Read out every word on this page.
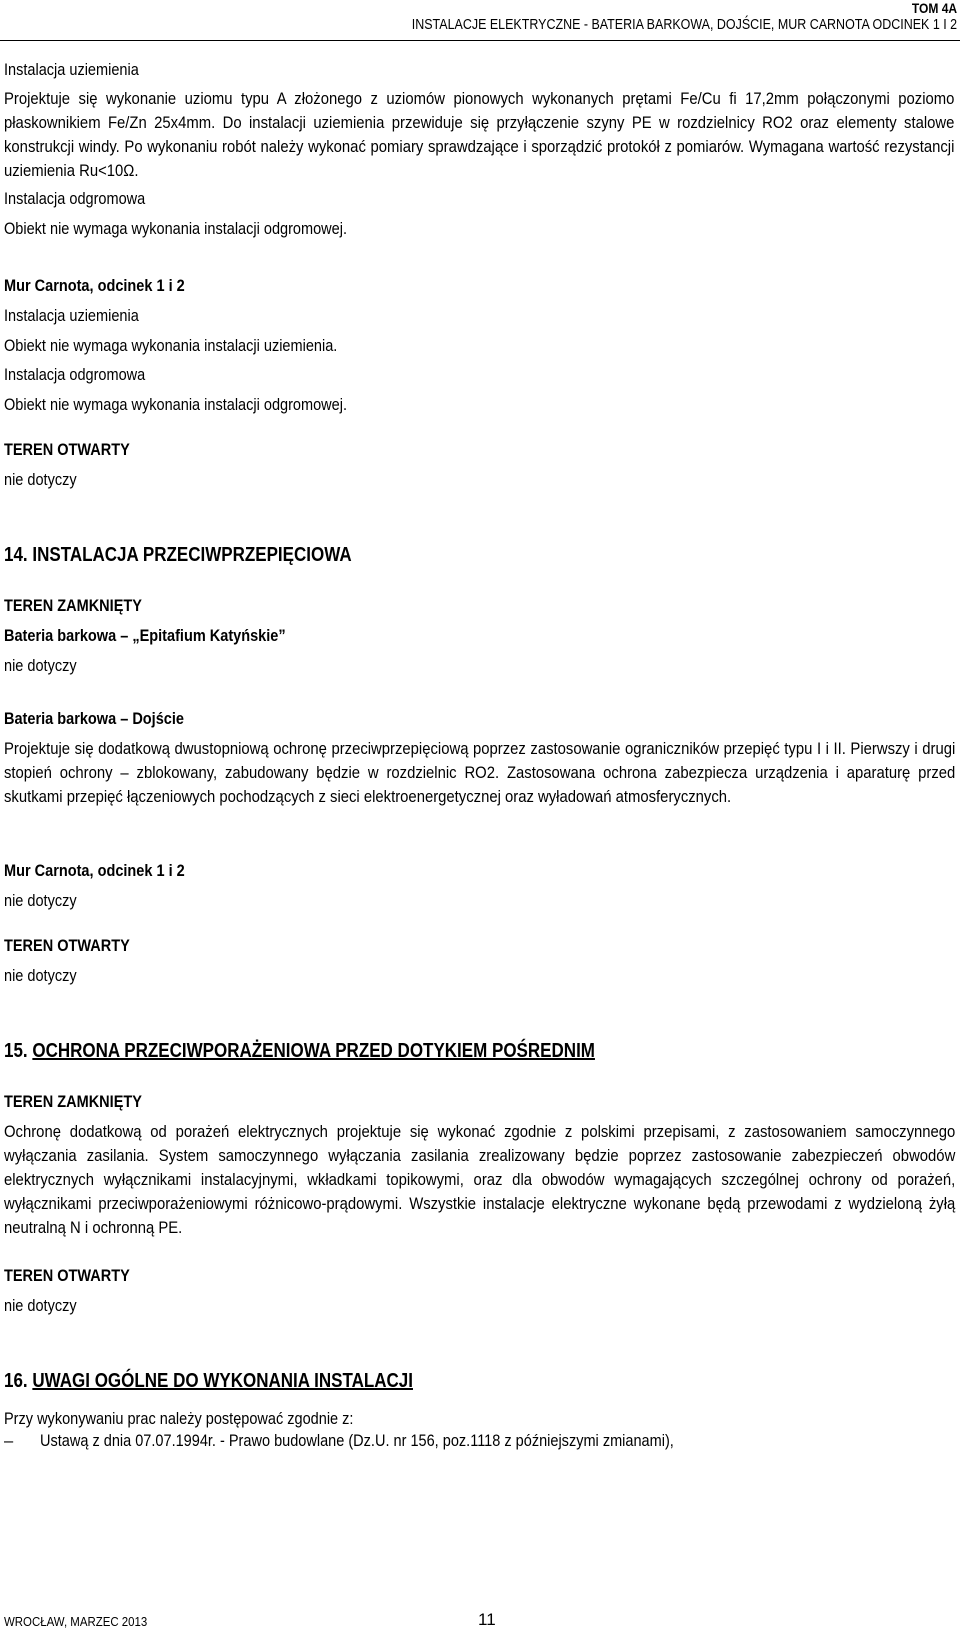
TOM 4A
INSTALACJE ELEKTRYCZNE - BATERIA BARKOWA, DOJŚCIE, MUR CARNOTA ODCINEK 1 I 2
Instalacja uziemienia
Projektuje się wykonanie uziomu typu A złożonego z uziomów pionowych wykonanych prętami Fe/Cu fi 17,2mm połączonymi poziomo płaskownikiem Fe/Zn 25x4mm. Do instalacji uziemienia przewiduje się przyłączenie szyny PE w rozdzielnicy RO2 oraz elementy stalowe konstrukcji windy. Po wykonaniu robót należy wykonać pomiary sprawdzające i sporządzić protokół z pomiarów. Wymagana wartość rezystancji uziemienia Ru<10Ω.
Instalacja odgromowa
Obiekt nie wymaga wykonania instalacji odgromowej.
Mur Carnota, odcinek 1 i 2
Instalacja uziemienia
Obiekt nie wymaga wykonania instalacji uziemienia.
Instalacja odgromowa
Obiekt nie wymaga wykonania instalacji odgromowej.
TEREN OTWARTY
nie dotyczy
14. INSTALACJA PRZECIWPRZEPIĘCIOWA
TEREN ZAMKNIĘTY
Bateria barkowa – „Epitafium Katyńskie”
nie dotyczy
Bateria barkowa – Dojście
Projektuje się dodatkową dwustopniową ochronę przeciwprzepięciową poprzez zastosowanie ograniczników przepięć typu I i II. Pierwszy i drugi stopień ochrony – zblokowany, zabudowany będzie w rozdzielnic RO2. Zastosowana ochrona zabezpiecza urządzenia i aparaturę przed skutkami przepięć łączeniowych pochodzących z sieci elektroenergetycznej oraz wyładowań atmosferycznych.
Mur Carnota, odcinek 1 i 2
nie dotyczy
TEREN OTWARTY
nie dotyczy
15. OCHRONA PRZECIWPORAŻENIOWA PRZED DOTYKIEM POŚREDNIM
TEREN ZAMKNIĘTY
Ochronę dodatkową od porażeń elektrycznych projektuje się wykonać zgodnie z polskimi przepisami, z zastosowaniem samoczynnego wyłączania zasilania. System samoczynnego wyłączania zasilania zrealizowany będzie poprzez zastosowanie zabezpieczeń obwodów elektrycznych wyłącznikami instalacyjnymi, wkładkami topikowymi, oraz dla obwodów wymagających szczególnej ochrony od porażeń, wyłącznikami przeciwporażeniowymi różnicowo-prądowymi. Wszystkie instalacje elektryczne wykonane będą przewodami z wydzieloną żyłą neutralną N i ochronną PE.
TEREN OTWARTY
nie dotyczy
16. UWAGI OGÓLNE DO WYKONANIA INSTALACJI
Przy wykonywaniu prac należy postępować zgodnie z:
– Ustawą z dnia 07.07.1994r. - Prawo budowlane (Dz.U. nr 156, poz.1118 z późniejszymi zmianami),
WROCŁAW, MARZEC 2013	11
